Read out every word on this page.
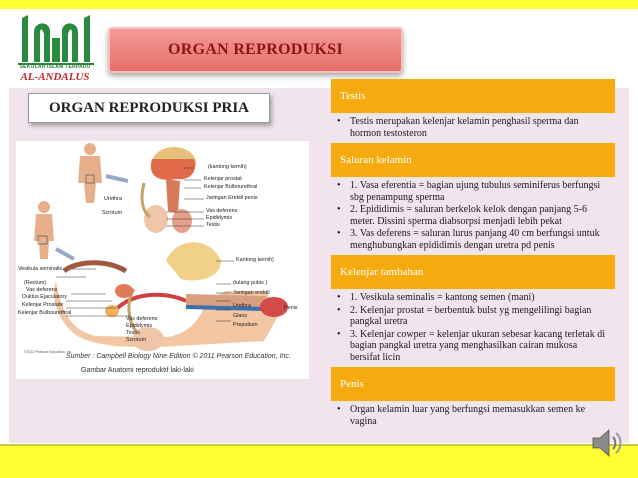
SEKOLAH ISLAM TERPADU
AL-ANDALUS
ORGAN REPRODUKSI
ORGAN REPRODUKSI PRIA
(kantong kemih)
Kelenjar prostat
Kelenjar Bulbourethral
Jaringan Erektil penis
Vas deferens
Epididymis
Testis
Urethra
Scrotum
Kantong kemih)
Vesikula seminalis
(Rectum)
Vas deferens
Duktus Ejaculatory
Kelenjar Prostate
Kelenjar Bulbourethral
(tulang pubis )
Jaringan erektil
Urethra
Glans
Penis
Preputium
Vas deferens
Epididymis
Testis
Scrotum
©2011 Pearson Education, Inc.
Sumber : Campbell Biology Nine Edition © 2011 Pearson Education, Inc.
Gambar Anatomi reproduktif laki-laki
Testis
• Testis merupakan kelenjar kelamin penghasil sperma dan hormon testosteron
Saluran kelamin
• 1. Vasa eferentia = bagian ujung tubulus seminiferus berfungsi sbg penampung sperma
• 2. Epididimis = saluran berkelok kelok dengan panjang 5-6 meter. Dissini sperma diabsorpsi menjadi lebih pekat
• 3. Vas deferens = saluran lurus panjang 40 cm berfungsi untuk menghubungkan epididimis dengan uretra pd penis
Kelenjar tambahan
• 1. Vesikula seminalis = kantong semen (mani)
• 2. Kelenjar prostat = berbentuk bulst yg mengelilingi bagian pangkal uretra
• 3. Kelenjar cowper = kelenjar ukuran sebesar kacang terletak di bagian pangkal uretra yang menghasilkan cairan mukosa bersifat licin
Penis
• Organ kelamin luar yang berfungsi memasukkan semen ke vagina
